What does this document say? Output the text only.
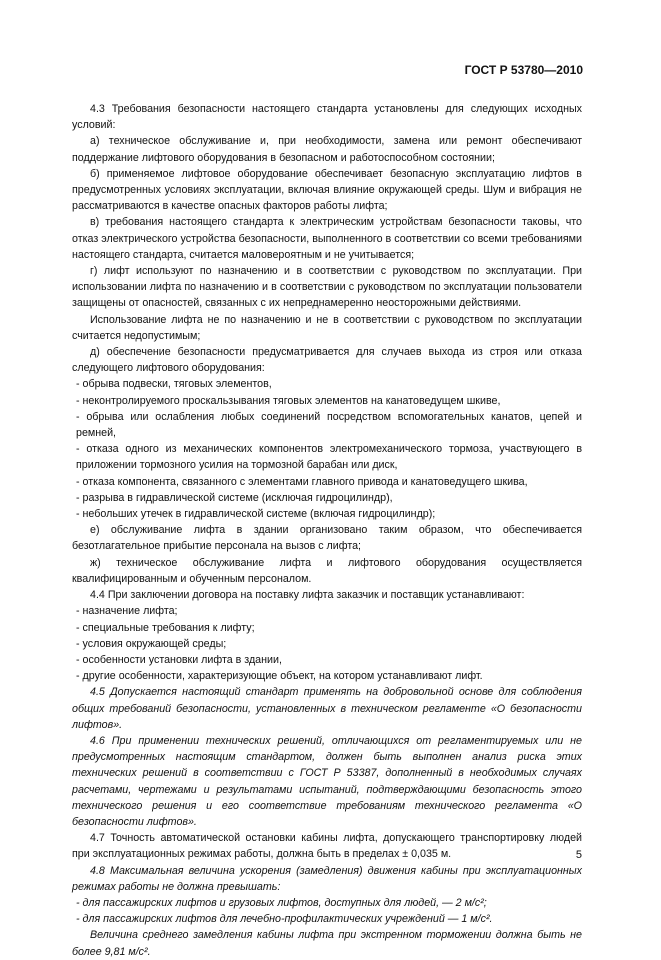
ГОСТ Р 53780—2010

4.3 Требования безопасности настоящего стандарта установлены для следующих исходных условий:

а) техническое обслуживание и, при необходимости, замена или ремонт обеспечивают поддержание лифтового оборудования в безопасном и работоспособном состоянии;

б) применяемое лифтовое оборудование обеспечивает безопасную эксплуатацию лифтов в предусмотренных условиях эксплуатации, включая влияние окружающей среды. Шум и вибрация не рассматриваются в качестве опасных факторов работы лифта;

в) требования настоящего стандарта к электрическим устройствам безопасности таковы, что отказ электрического устройства безопасности, выполненного в соответствии со всеми требованиями настоящего стандарта, считается маловероятным и не учитывается;

г) лифт используют по назначению и в соответствии с руководством по эксплуатации. При использовании лифта по назначению и в соответствии с руководством по эксплуатации пользователи защищены от опасностей, связанных с их непреднамеренно неосторожными действиями.

Использование лифта не по назначению и не в соответствии с руководством по эксплуатации считается недопустимым;

д) обеспечение безопасности предусматривается для случаев выхода из строя или отказа следующего лифтового оборудования:

- обрыва подвески, тяговых элементов,

- неконтролируемого проскальзывания тяговых элементов на канатоведущем шкиве,

- обрыва или ослабления любых соединений посредством вспомогательных канатов, цепей и ремней,

- отказа одного из механических компонентов электромеханического тормоза, участвующего в приложении тормозного усилия на тормозной барабан или диск,

- отказа компонента, связанного с элементами главного привода и канатоведущего шкива,

- разрыва в гидравлической системе (исключая гидроцилиндр),

- небольших утечек в гидравлической системе (включая гидроцилиндр);

е) обслуживание лифта в здании организовано таким образом, что обеспечивается безотлагательное прибытие персонала на вызов с лифта;

ж) техническое обслуживание лифта и лифтового оборудования осуществляется квалифицированным и обученным персоналом.

4.4 При заключении договора на поставку лифта заказчик и поставщик устанавливают:

- назначение лифта;

- специальные требования к лифту;

- условия окружающей среды;

- особенности установки лифта в здании,

- другие особенности, характеризующие объект, на котором устанавливают лифт.

4.5 Допускается настоящий стандарт применять на добровольной основе для соблюдения общих требований безопасности, установленных в техническом регламенте «О безопасности лифтов».

4.6 При применении технических решений, отличающихся от регламентируемых или не предусмотренных настоящим стандартом, должен быть выполнен анализ риска этих технических решений в соответствии с ГОСТ Р 53387, дополненный в необходимых случаях расчетами, чертежами и результатами испытаний, подтверждающими безопасность этого технического решения и его соответствие требованиям технического регламента «О безопасности лифтов».

4.7 Точность автоматической остановки кабины лифта, допускающего транспортировку людей при эксплуатационных режимах работы, должна быть в пределах ± 0,035 м.

4.8 Максимальная величина ускорения (замедления) движения кабины при эксплуатационных режимах работы не должна превышать:

- для пассажирских лифтов и грузовых лифтов, доступных для людей, — 2 м/с²;

- для пассажирских лифтов для лечебно-профилактических учреждений — 1 м/с².

Величина среднего замедления кабины лифта при экстренном торможении должна быть не более 9,81 м/с².

5
